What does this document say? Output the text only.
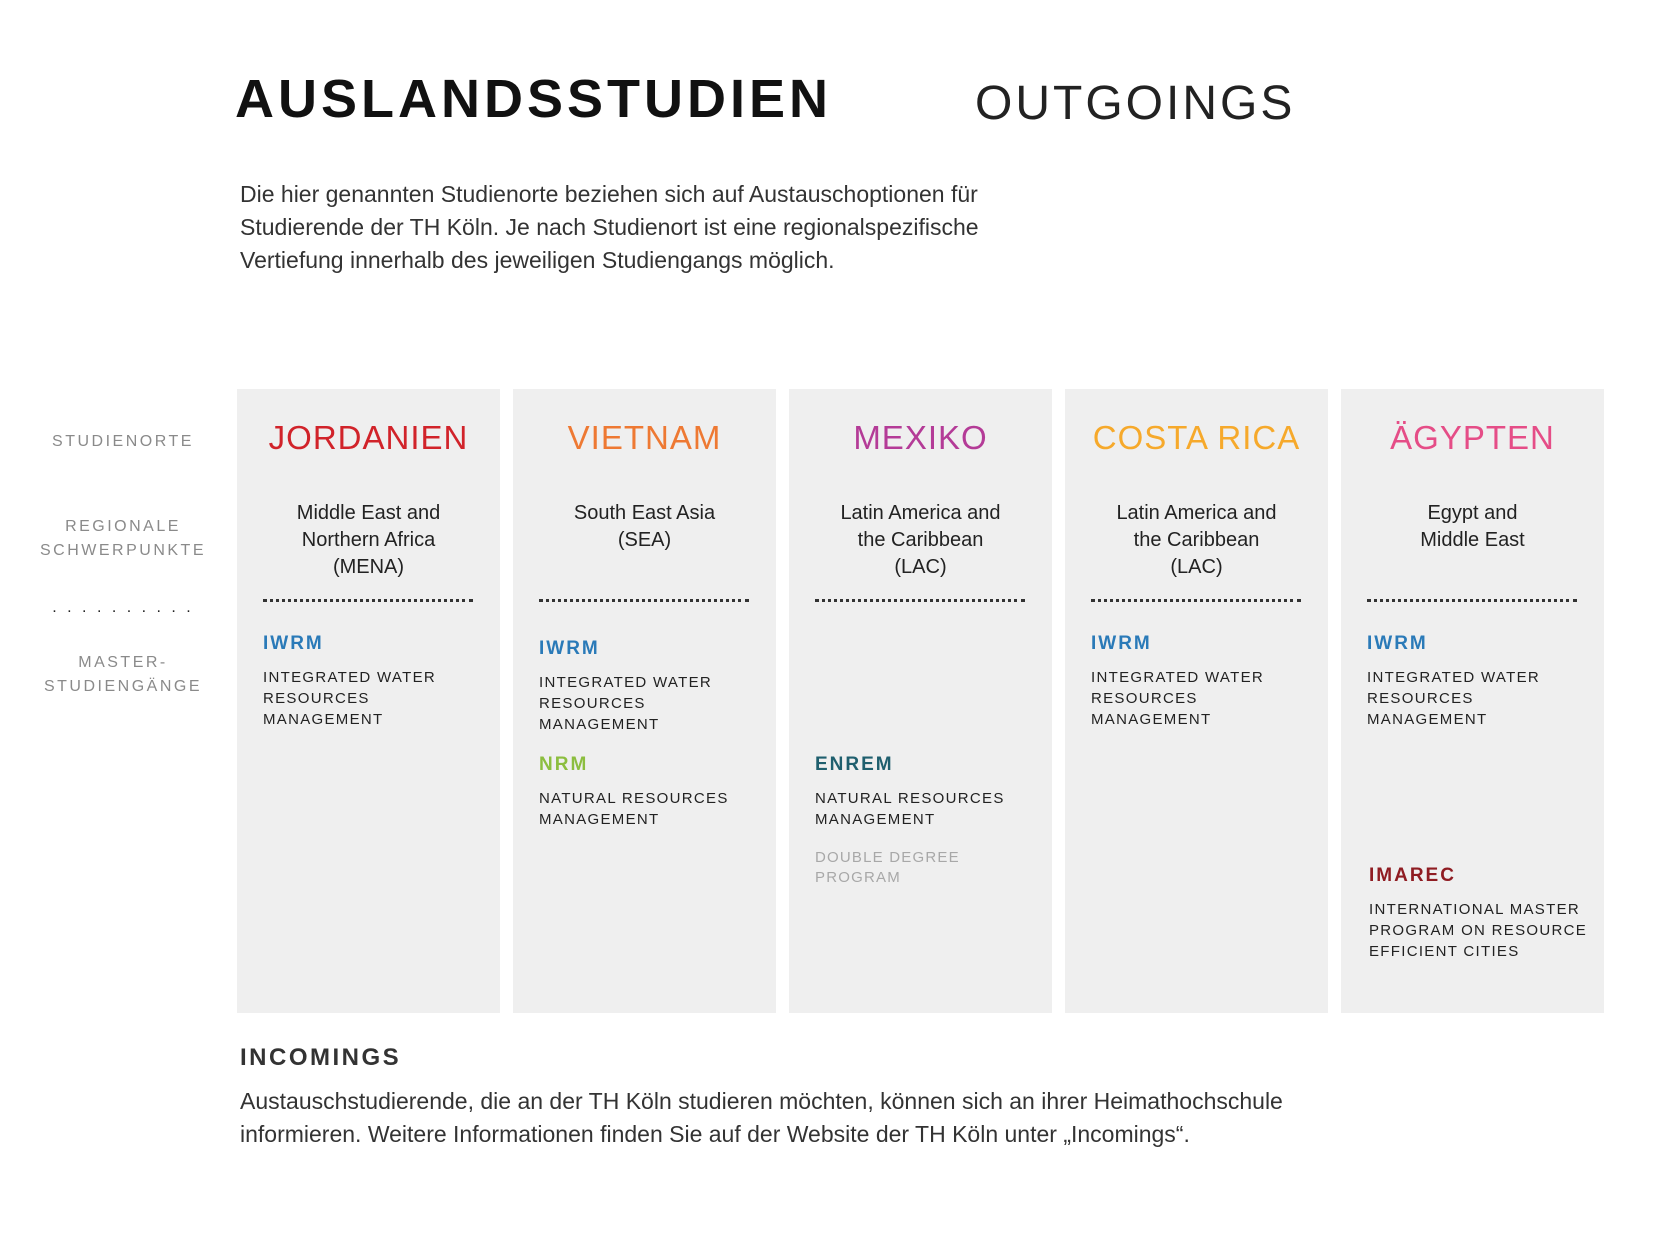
AUSLANDSSTUDIEN	OUTGOINGS

Die hier genannten Studienorte beziehen sich auf Austauschoptionen für Studierende der TH Köln. Je nach Studienort ist eine regionalspezifische Vertiefung innerhalb des jeweiligen Studiengangs möglich.

STUDIENORTE
REGIONALE
SCHWERPUNKTE
. . . . . . . . . .
MASTER-
STUDIENGÄNGE
JORDANIEN
Middle East and
Northern Africa
(MENA)
IWRM
INTEGRATED WATER
RESOURCES MANAGEMENT
VIETNAM
South East Asia
(SEA)
IWRM
INTEGRATED WATER
RESOURCES MANAGEMENT
NRM
NATURAL RESOURCES
MANAGEMENT
MEXIKO
Latin America and
the Caribbean
(LAC)
ENREM
NATURAL RESOURCES
MANAGEMENT
DOUBLE DEGREE PROGRAM
COSTA RICA
Latin America and
the Caribbean
(LAC)
IWRM
INTEGRATED WATER
RESOURCES MANAGEMENT
ÄGYPTEN
Egypt and
Middle East
IWRM
INTEGRATED WATER
RESOURCES MANAGEMENT
IMAREC
INTERNATIONAL MASTER
PROGRAM ON RESOURCE
EFFICIENT CITIES
INCOMINGS

Austauschstudierende, die an der TH Köln studieren möchten, können sich an ihrer Heimathochschule informieren. Weitere Informationen finden Sie auf der Website der TH Köln unter „Incomings“.
